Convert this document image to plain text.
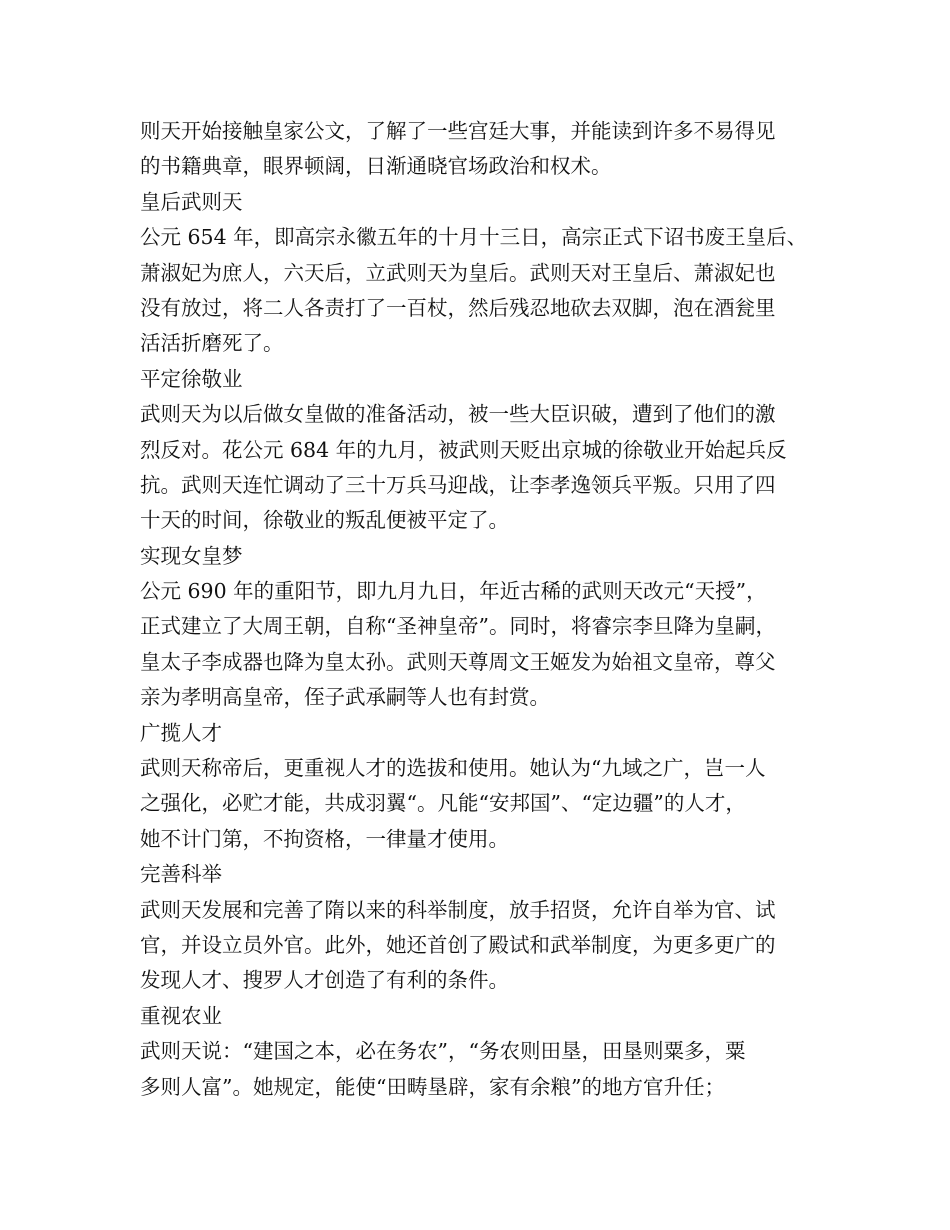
则天开始接触皇家公文，了解了一些宫廷大事，并能读到许多不易得见
的书籍典章，眼界顿阔，日渐通晓官场政治和权术。
皇后武则天
公元 654 年，即高宗永徽五年的十月十三日，高宗正式下诏书废王皇后、
萧淑妃为庶人，六天后，立武则天为皇后。武则天对王皇后、萧淑妃也
没有放过，将二人各责打了一百杖，然后残忍地砍去双脚，泡在酒瓮里
活活折磨死了。
平定徐敬业
武则天为以后做女皇做的准备活动，被一些大臣识破，遭到了他们的激
烈反对。花公元 684 年的九月，被武则天贬出京城的徐敬业开始起兵反
抗。武则天连忙调动了三十万兵马迎战，让李孝逸领兵平叛。只用了四
十天的时间，徐敬业的叛乱便被平定了。
实现女皇梦
公元 690 年的重阳节，即九月九日，年近古稀的武则天改元“天授”，
正式建立了大周王朝，自称“圣神皇帝”。同时，将睿宗李旦降为皇嗣，
皇太子李成器也降为皇太孙。武则天尊周文王姬发为始祖文皇帝，尊父
亲为孝明高皇帝，侄子武承嗣等人也有封赏。
广揽人才
武则天称帝后，更重视人才的选拔和使用。她认为“九域之广，岂一人
之强化，必贮才能，共成羽翼“。凡能“安邦国”、“定边疆”的人才，
她不计门第，不拘资格，一律量才使用。
完善科举
武则天发展和完善了隋以来的科举制度，放手招贤，允许自举为官、试
官，并设立员外官。此外，她还首创了殿试和武举制度，为更多更广的
发现人才、搜罗人才创造了有利的条件。
重视农业
武则天说：“建国之本，必在务农”，“务农则田垦，田垦则粟多，粟
多则人富”。她规定，能使“田畴垦辟，家有余粮”的地方官升任；
